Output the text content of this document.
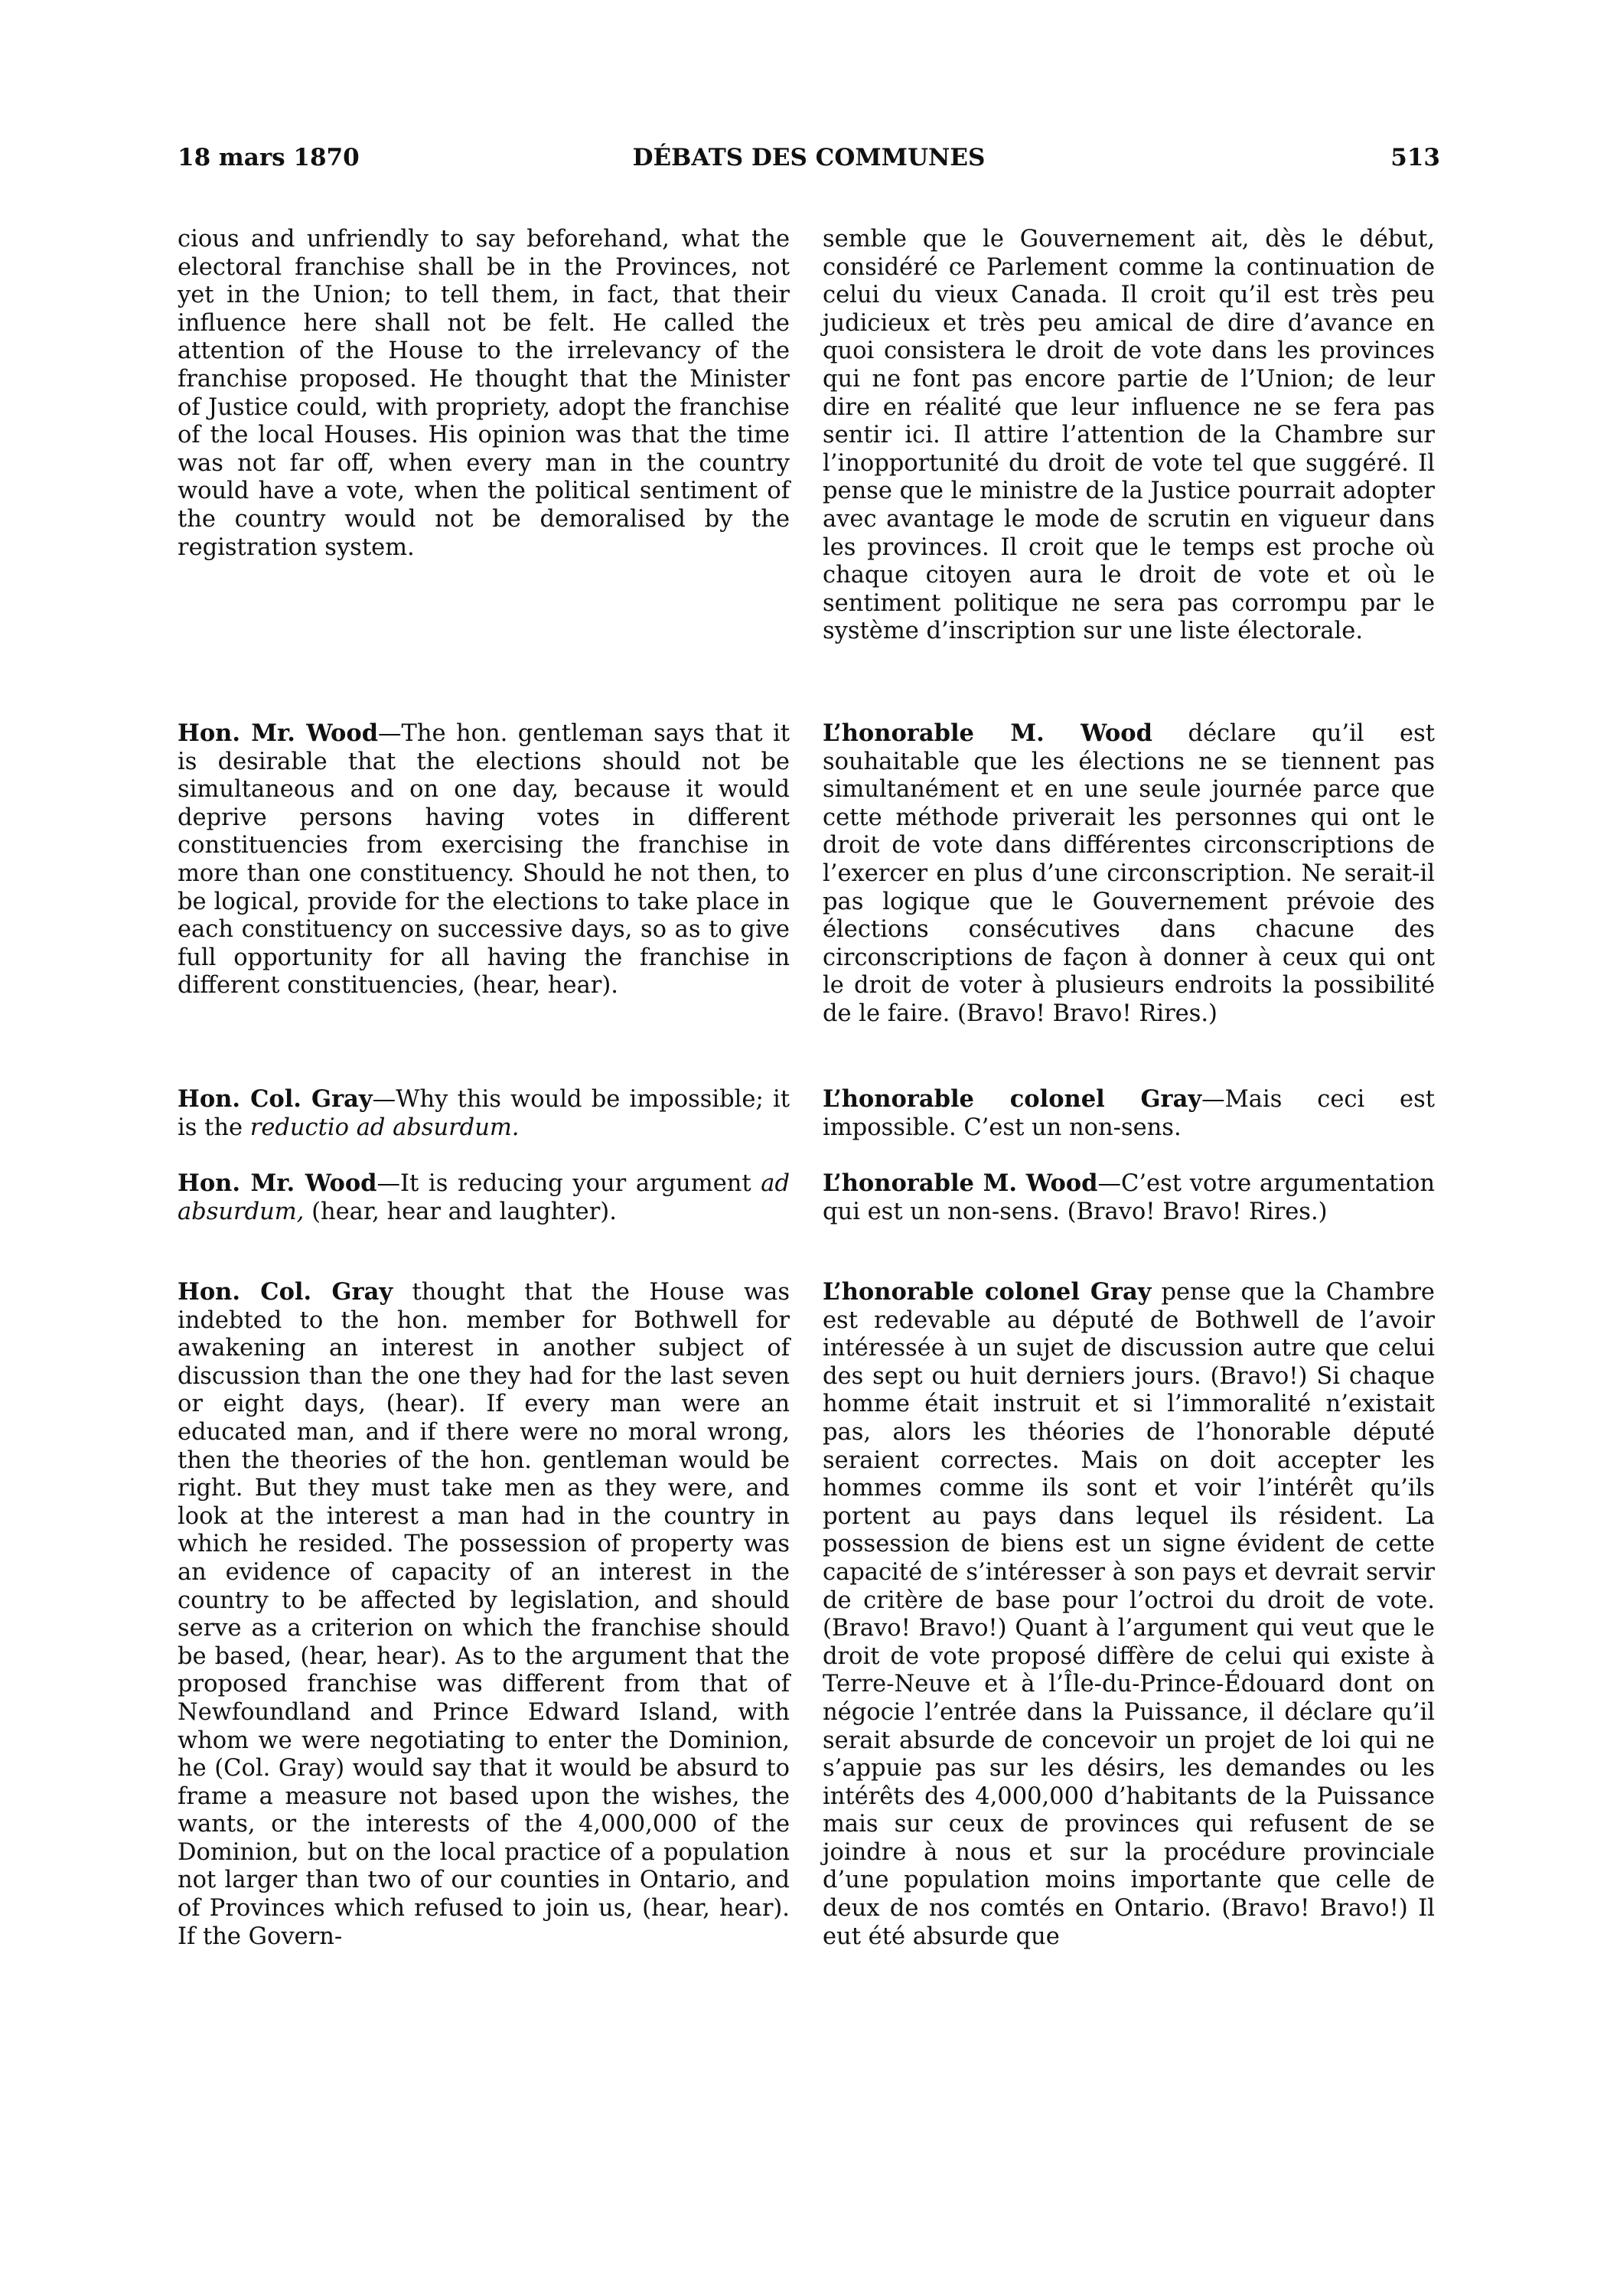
18 mars 1870	DÉBATS DES COMMUNES	513

cious and unfriendly to say beforehand, what the electoral franchise shall be in the Provinces, not yet in the Union; to tell them, in fact, that their influence here shall not be felt. He called the attention of the House to the irrelevancy of the franchise proposed. He thought that the Minister of Justice could, with propriety, adopt the franchise of the local Houses. His opinion was that the time was not far off, when every man in the country would have a vote, when the political sentiment of the country would not be demoralised by the registration system.

Hon. Mr. Wood—The hon. gentleman says that it is desirable that the elections should not be simultaneous and on one day, because it would deprive persons having votes in different constituencies from exercising the franchise in more than one constituency. Should he not then, to be logical, provide for the elections to take place in each constituency on successive days, so as to give full opportunity for all having the franchise in different constituencies, (hear, hear).

Hon. Col. Gray—Why this would be impossible; it is the reductio ad absurdum.

Hon. Mr. Wood—It is reducing your argument ad absurdum, (hear, hear and laughter).

Hon. Col. Gray thought that the House was indebted to the hon. member for Bothwell for awakening an interest in another subject of discussion than the one they had for the last seven or eight days, (hear). If every man were an educated man, and if there were no moral wrong, then the theories of the hon. gentleman would be right. But they must take men as they were, and look at the interest a man had in the country in which he resided. The possession of property was an evidence of capacity of an interest in the country to be affected by legislation, and should serve as a criterion on which the franchise should be based, (hear, hear). As to the argument that the proposed franchise was different from that of Newfoundland and Prince Edward Island, with whom we were negotiating to enter the Dominion, he (Col. Gray) would say that it would be absurd to frame a measure not based upon the wishes, the wants, or the interests of the 4,000,000 of the Dominion, but on the local practice of a population not larger than two of our counties in Ontario, and of Provinces which refused to join us, (hear, hear). If the Govern-

semble que le Gouvernement ait, dès le début, considéré ce Parlement comme la continuation de celui du vieux Canada. Il croit qu’il est très peu judicieux et très peu amical de dire d’avance en quoi consistera le droit de vote dans les provinces qui ne font pas encore partie de l’Union; de leur dire en réalité que leur influence ne se fera pas sentir ici. Il attire l’attention de la Chambre sur l’inopportunité du droit de vote tel que suggéré. Il pense que le ministre de la Justice pourrait adopter avec avantage le mode de scrutin en vigueur dans les provinces. Il croit que le temps est proche où chaque citoyen aura le droit de vote et où le sentiment politique ne sera pas corrompu par le système d’inscription sur une liste électorale.

L’honorable M. Wood déclare qu’il est souhaitable que les élections ne se tiennent pas simultanément et en une seule journée parce que cette méthode priverait les personnes qui ont le droit de vote dans différentes circonscriptions de l’exercer en plus d’une circonscription. Ne serait-il pas logique que le Gouvernement prévoie des élections consécutives dans chacune des circonscriptions de façon à donner à ceux qui ont le droit de voter à plusieurs endroits la possibilité de le faire. (Bravo! Bravo! Rires.)

L’honorable colonel Gray—Mais ceci est impossible. C’est un non-sens.

L’honorable M. Wood—C’est votre argumentation qui est un non-sens. (Bravo! Bravo! Rires.)

L’honorable colonel Gray pense que la Chambre est redevable au député de Bothwell de l’avoir intéressée à un sujet de discussion autre que celui des sept ou huit derniers jours. (Bravo!) Si chaque homme était instruit et si l’immoralité n’existait pas, alors les théories de l’honorable député seraient correctes. Mais on doit accepter les hommes comme ils sont et voir l’intérêt qu’ils portent au pays dans lequel ils résident. La possession de biens est un signe évident de cette capacité de s’intéresser à son pays et devrait servir de critère de base pour l’octroi du droit de vote. (Bravo! Bravo!) Quant à l’argument qui veut que le droit de vote proposé diffère de celui qui existe à Terre-Neuve et à l’Île-du-Prince-Édouard dont on négocie l’entrée dans la Puissance, il déclare qu’il serait absurde de concevoir un projet de loi qui ne s’appuie pas sur les désirs, les demandes ou les intérêts des 4,000,000 d’habitants de la Puissance mais sur ceux de provinces qui refusent de se joindre à nous et sur la procédure provinciale d’une population moins importante que celle de deux de nos comtés en Ontario. (Bravo! Bravo!) Il eut été absurde que
